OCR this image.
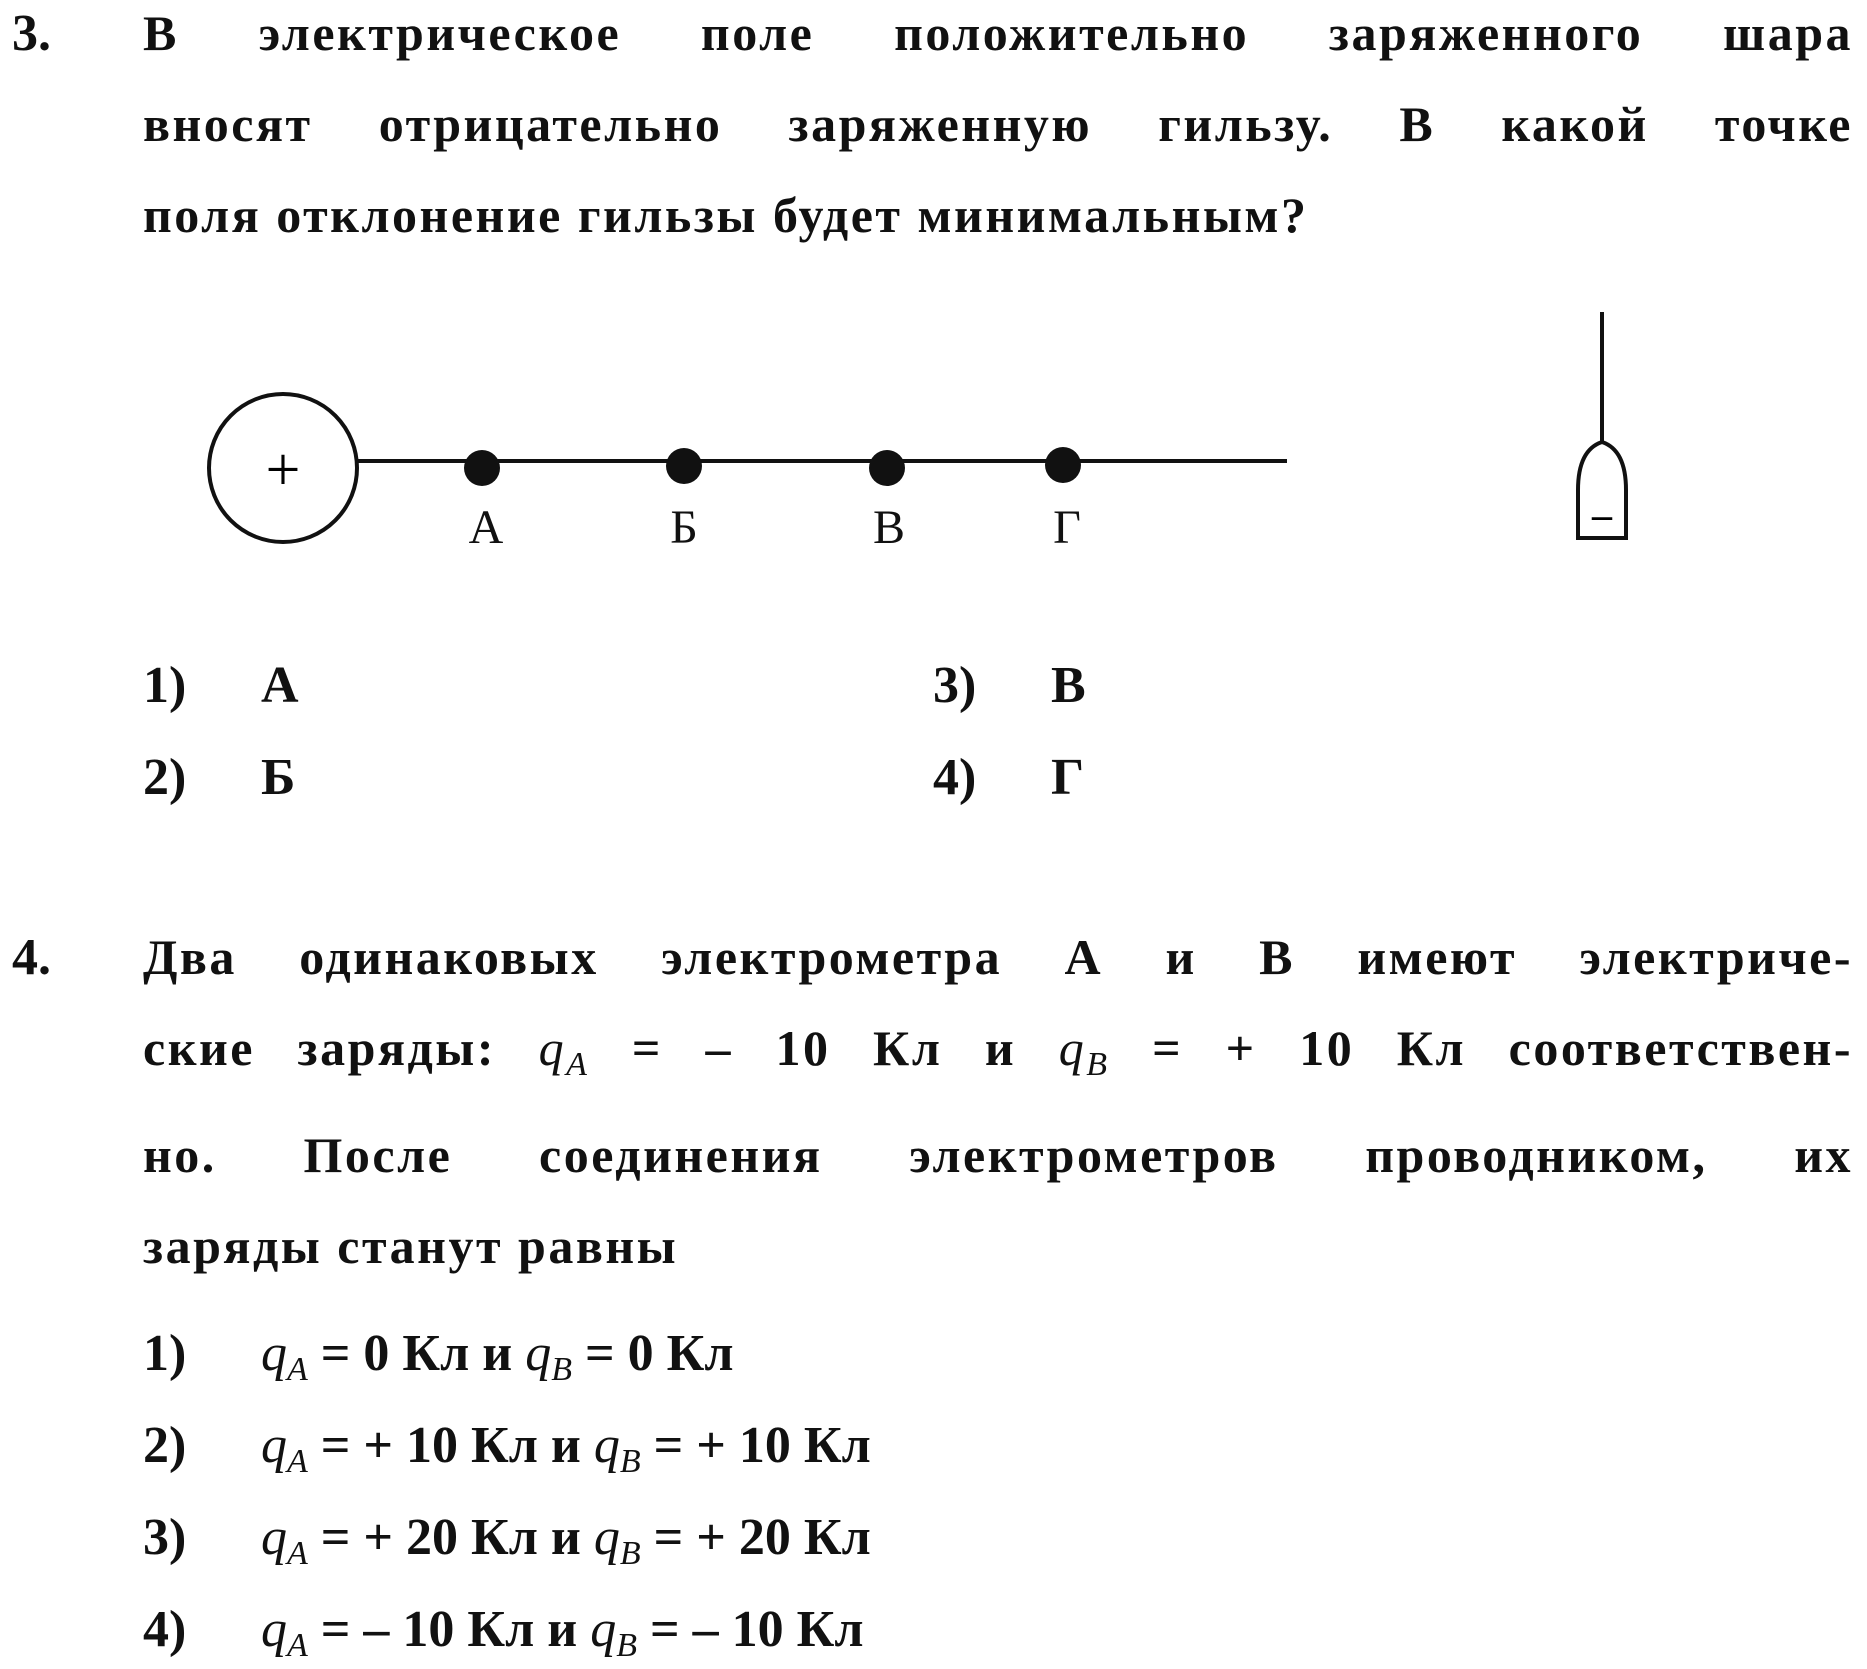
3. В электрическое поле положительно заряженного шара
вносят отрицательно заряженную гильзу. В какой точке
поля отклонение гильзы будет минимальным?
+
А	Б	В	Г	–
1) А
2) Б
3) В
4) Г
4. Два одинаковых электрометра А и В имеют электриче-
ские заряды: $q_A$ = – 10 Кл и $q_B$ = + 10 Кл соответствен-
но. После соединения электрометров проводником, их
заряды станут равны
1) $q_A = 0$ Кл и $q_B = 0$ Кл
2) $q_A$ = + 10 Кл и $q_B$ = + 10 Кл
3) $q_A$ = + 20 Кл и $q_B$ = + 20 Кл
4) $q_A$ = – 10 Кл и $q_B$ = – 10 Кл
